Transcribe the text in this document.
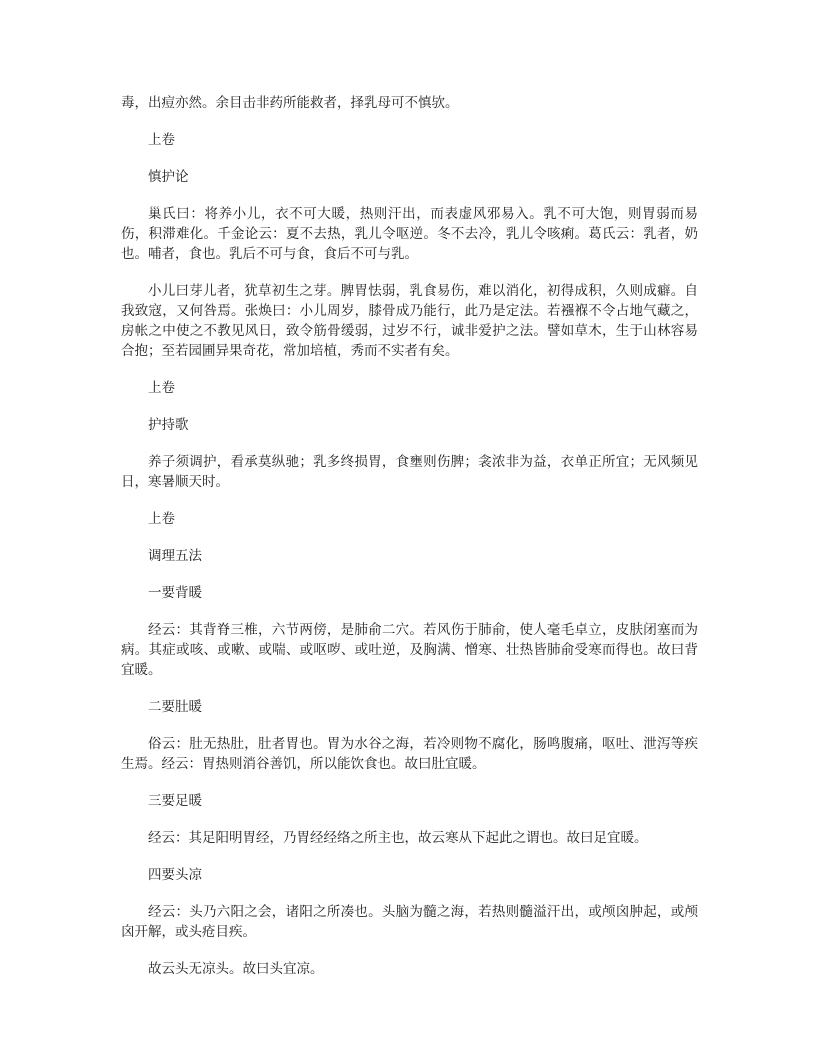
毒，出痘亦然。余目击非药所能救者，择乳母可不慎欤。

上卷

慎护论

巢氏曰：将养小儿，衣不可大暖，热则汗出，而表虚风邪易入。乳不可大饱，则胃弱而易伤，积滞难化。千金论云：夏不去热，乳儿令呕逆。冬不去冷，乳儿令咳痢。葛氏云：乳者，奶也。哺者，食也。乳后不可与食，食后不可与乳。

小儿曰芽儿者，犹草初生之芽。脾胃怯弱，乳食易伤，难以消化，初得成积，久则成癖。自我致寇，又何咎焉。张焕曰：小儿周岁，膝骨成乃能行，此乃是定法。若襁褓不令占地气藏之，房帐之中使之不教见风日，致令筋骨缓弱，过岁不行，诚非爱护之法。譬如草木，生于山林容易合抱；至若园圃异果奇花，常加培植，秀而不实者有矣。

上卷

护持歌

养子须调护，看承莫纵驰；乳多终损胃，食壅则伤脾；衾浓非为益，衣单正所宜；无风频见日，寒暑顺天时。

上卷

调理五法

一要背暖

经云：其背脊三椎，六节两傍，是肺俞二穴。若风伤于肺俞，使人毫毛卓立，皮肤闭塞而为病。其症或咳、或嗽、或喘、或呕哕、或吐逆，及胸满、憎寒、壮热皆肺俞受寒而得也。故曰背宜暖。

二要肚暖

俗云：肚无热肚，肚者胃也。胃为水谷之海，若冷则物不腐化，肠鸣腹痛，呕吐、泄泻等疾生焉。经云：胃热则消谷善饥，所以能饮食也。故曰肚宜暖。

三要足暖

经云：其足阳明胃经，乃胃经经络之所主也，故云寒从下起此之谓也。故曰足宜暖。

四要头凉

经云：头乃六阳之会，诸阳之所凑也。头脑为髓之海，若热则髓溢汗出，或颅囟肿起，或颅囟开解，或头疮目疾。

故云头无凉头。故曰头宜凉。
